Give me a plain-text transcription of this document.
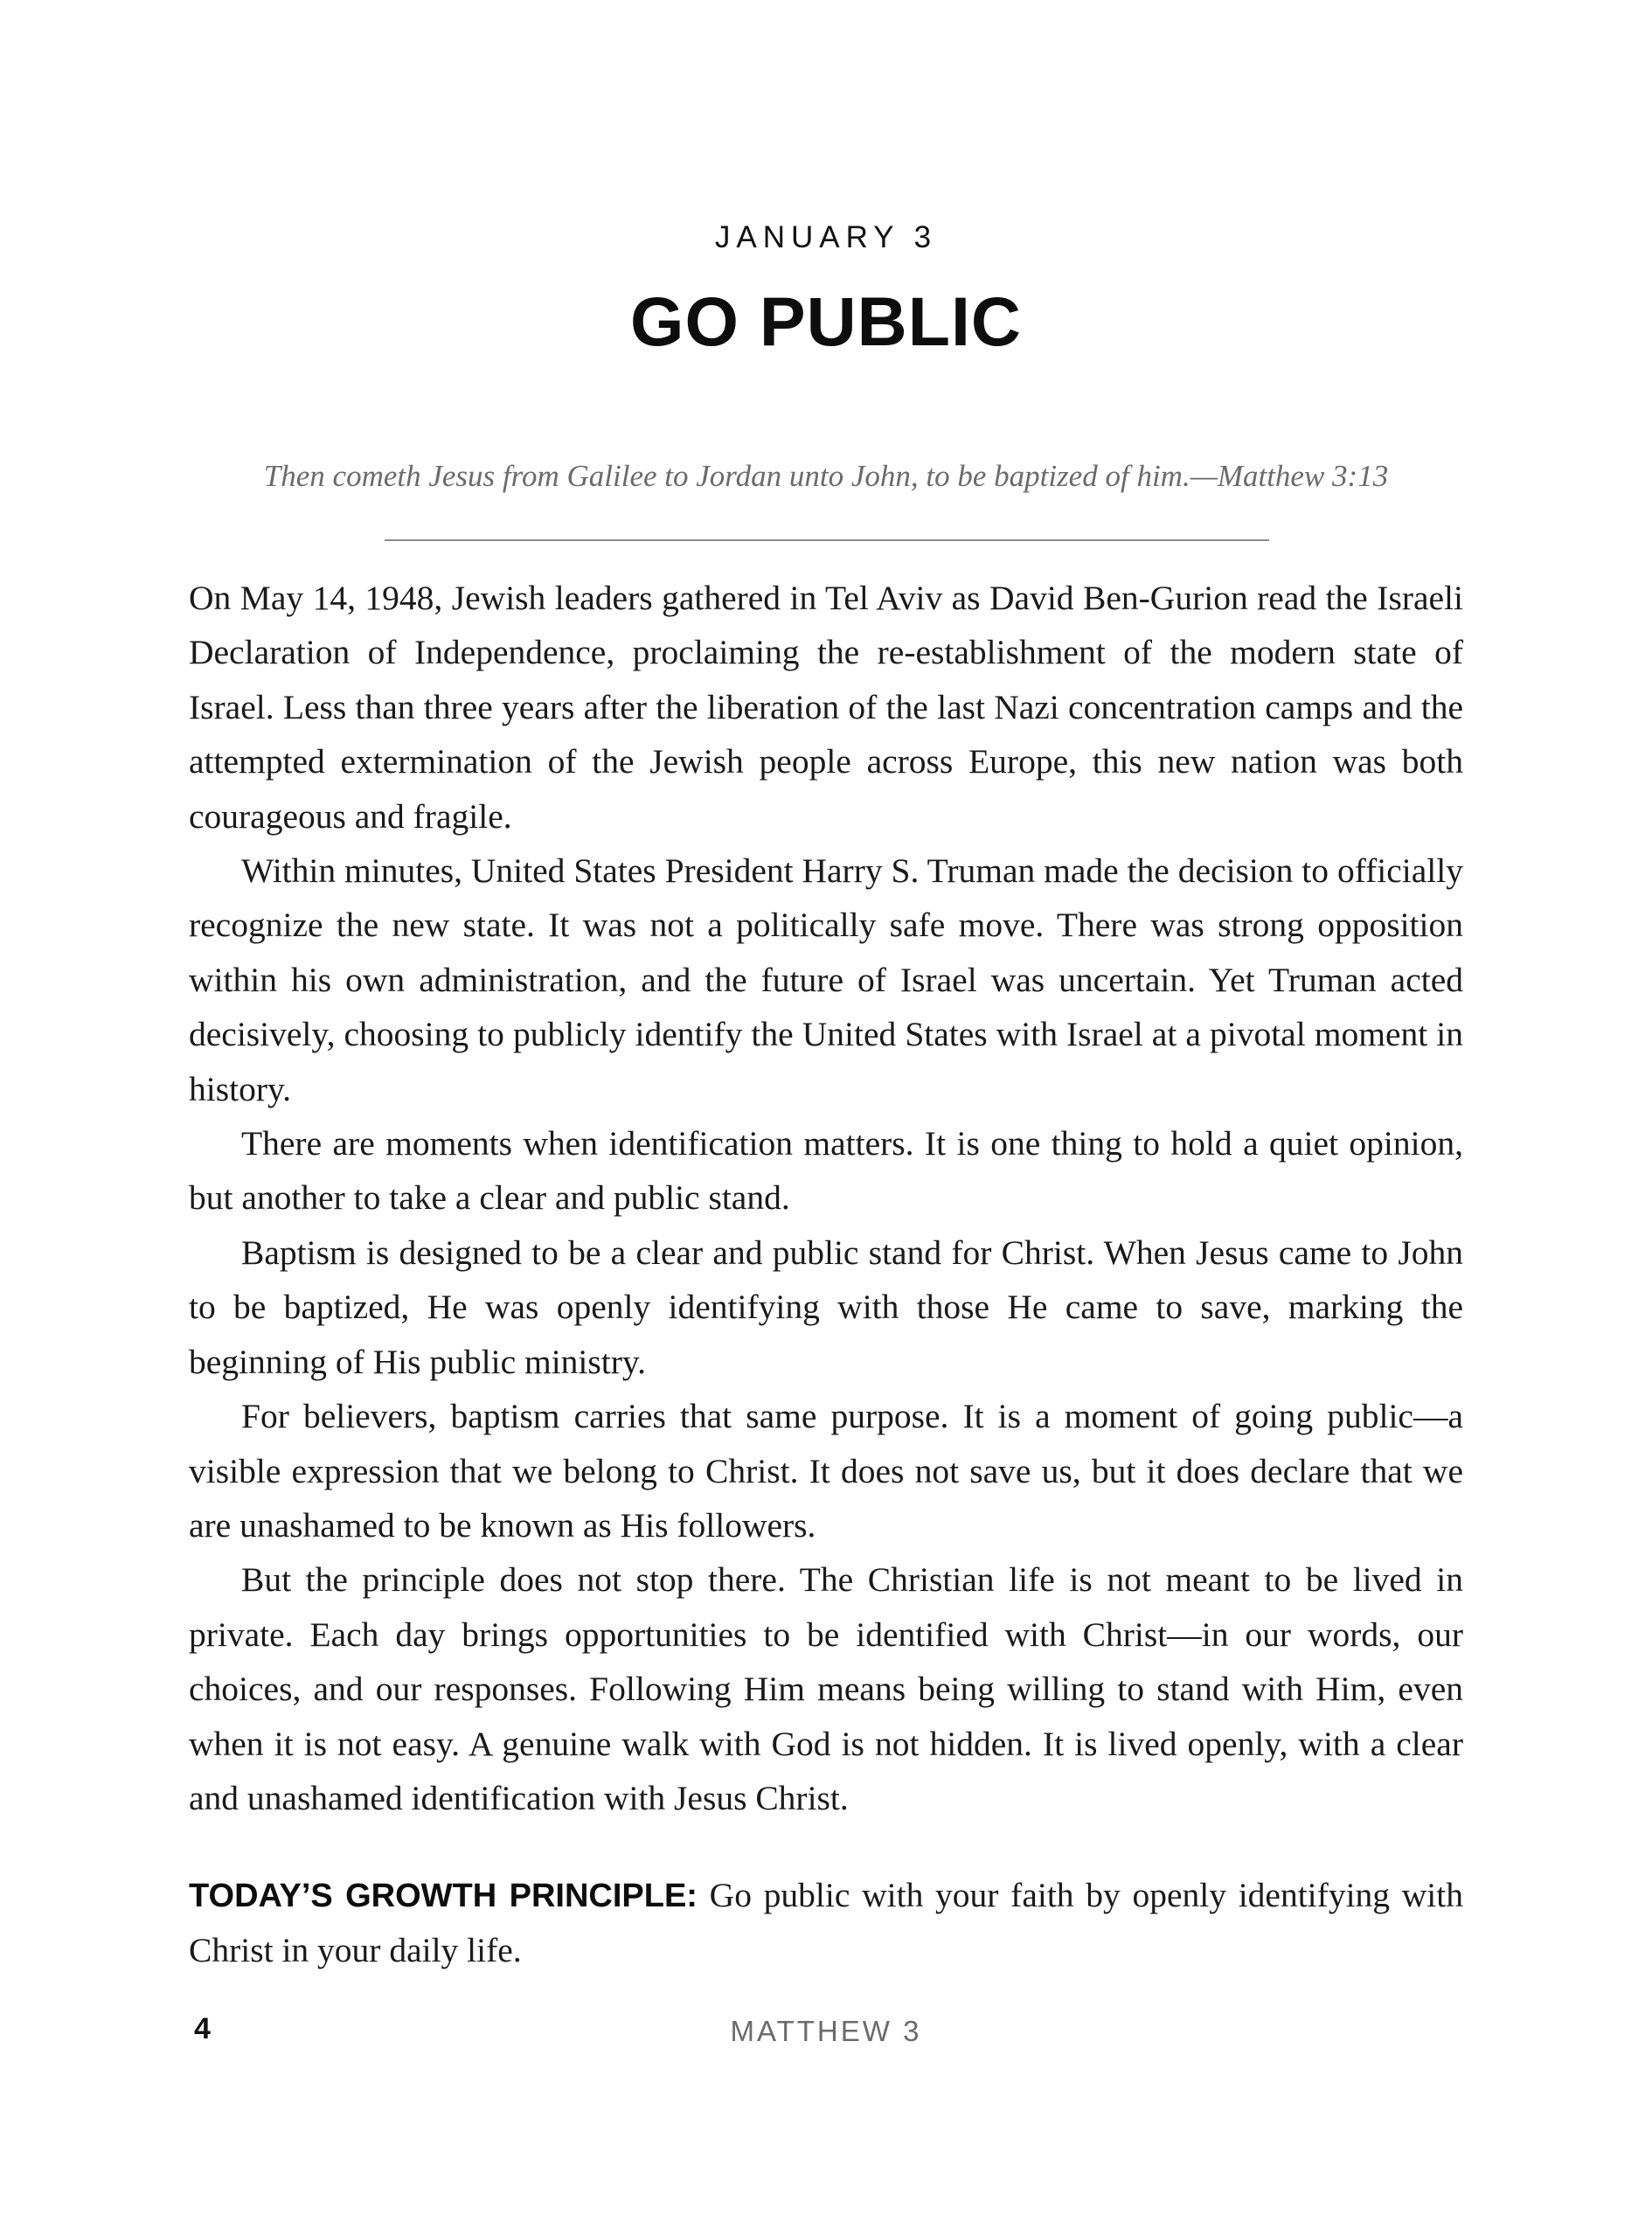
JANUARY 3
GO PUBLIC
Then cometh Jesus from Galilee to Jordan unto John, to be baptized of him.—Matthew 3:13

On May 14, 1948, Jewish leaders gathered in Tel Aviv as David Ben-Gurion read the Israeli Declaration of Independence, proclaiming the re-establishment of the modern state of Israel. Less than three years after the liberation of the last Nazi concentration camps and the attempted extermination of the Jewish people across Europe, this new nation was both courageous and fragile.

Within minutes, United States President Harry S. Truman made the decision to officially recognize the new state. It was not a politically safe move. There was strong opposition within his own administration, and the future of Israel was uncertain. Yet Truman acted decisively, choosing to publicly identify the United States with Israel at a pivotal moment in history.

There are moments when identification matters. It is one thing to hold a quiet opinion, but another to take a clear and public stand.

Baptism is designed to be a clear and public stand for Christ. When Jesus came to John to be baptized, He was openly identifying with those He came to save, marking the beginning of His public ministry.

For believers, baptism carries that same purpose. It is a moment of going public—a visible expression that we belong to Christ. It does not save us, but it does declare that we are unashamed to be known as His followers.

But the principle does not stop there. The Christian life is not meant to be lived in private. Each day brings opportunities to be identified with Christ—in our words, our choices, and our responses. Following Him means being willing to stand with Him, even when it is not easy. A genuine walk with God is not hidden. It is lived openly, with a clear and unashamed identification with Jesus Christ.

TODAY’S GROWTH PRINCIPLE: Go public with your faith by openly identifying with Christ in your daily life.
4	MATTHEW 3
